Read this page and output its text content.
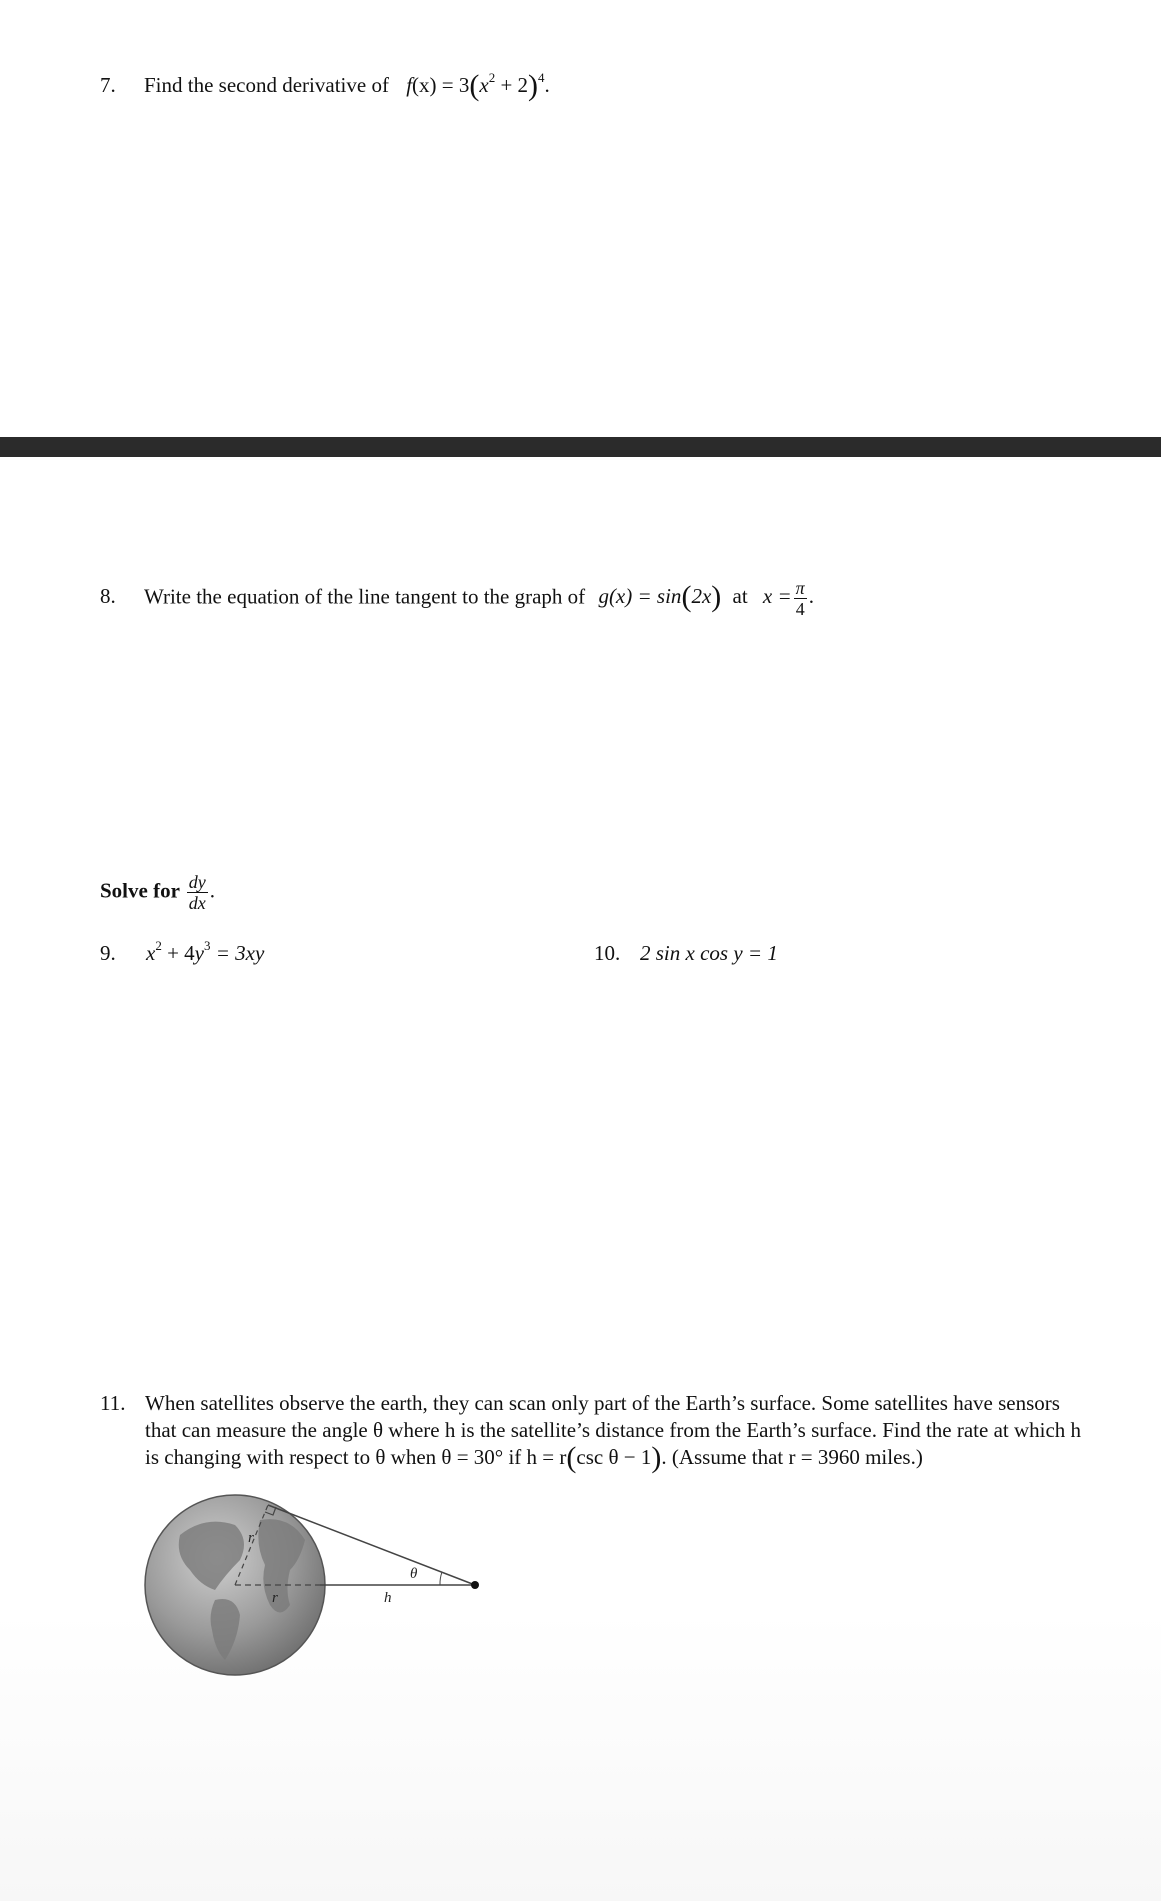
7. Find the second derivative of $f(x) = 3(x^2 + 2)^4$.
8. Write the equation of the line tangent to the graph of g(x) = sin(2x) at $x = \frac{\pi}{4}$ .
Solve for $\frac{dy}{dx}$ .
9. $x^2 + 4y^3 = 3xy$	10. 2 sin x cos y = 1
11. When satellites observe the earth, they can scan only part of the Earth’s surface. Some satellites have sensors
that can measure the angle θ where h is the satellite’s distance from the Earth’s surface. Find the rate at which h
is changing with respect to θ when θ = 30° if h = r(csc θ − 1). (Assume that r = 3960 miles.)
r
r	h
θ
